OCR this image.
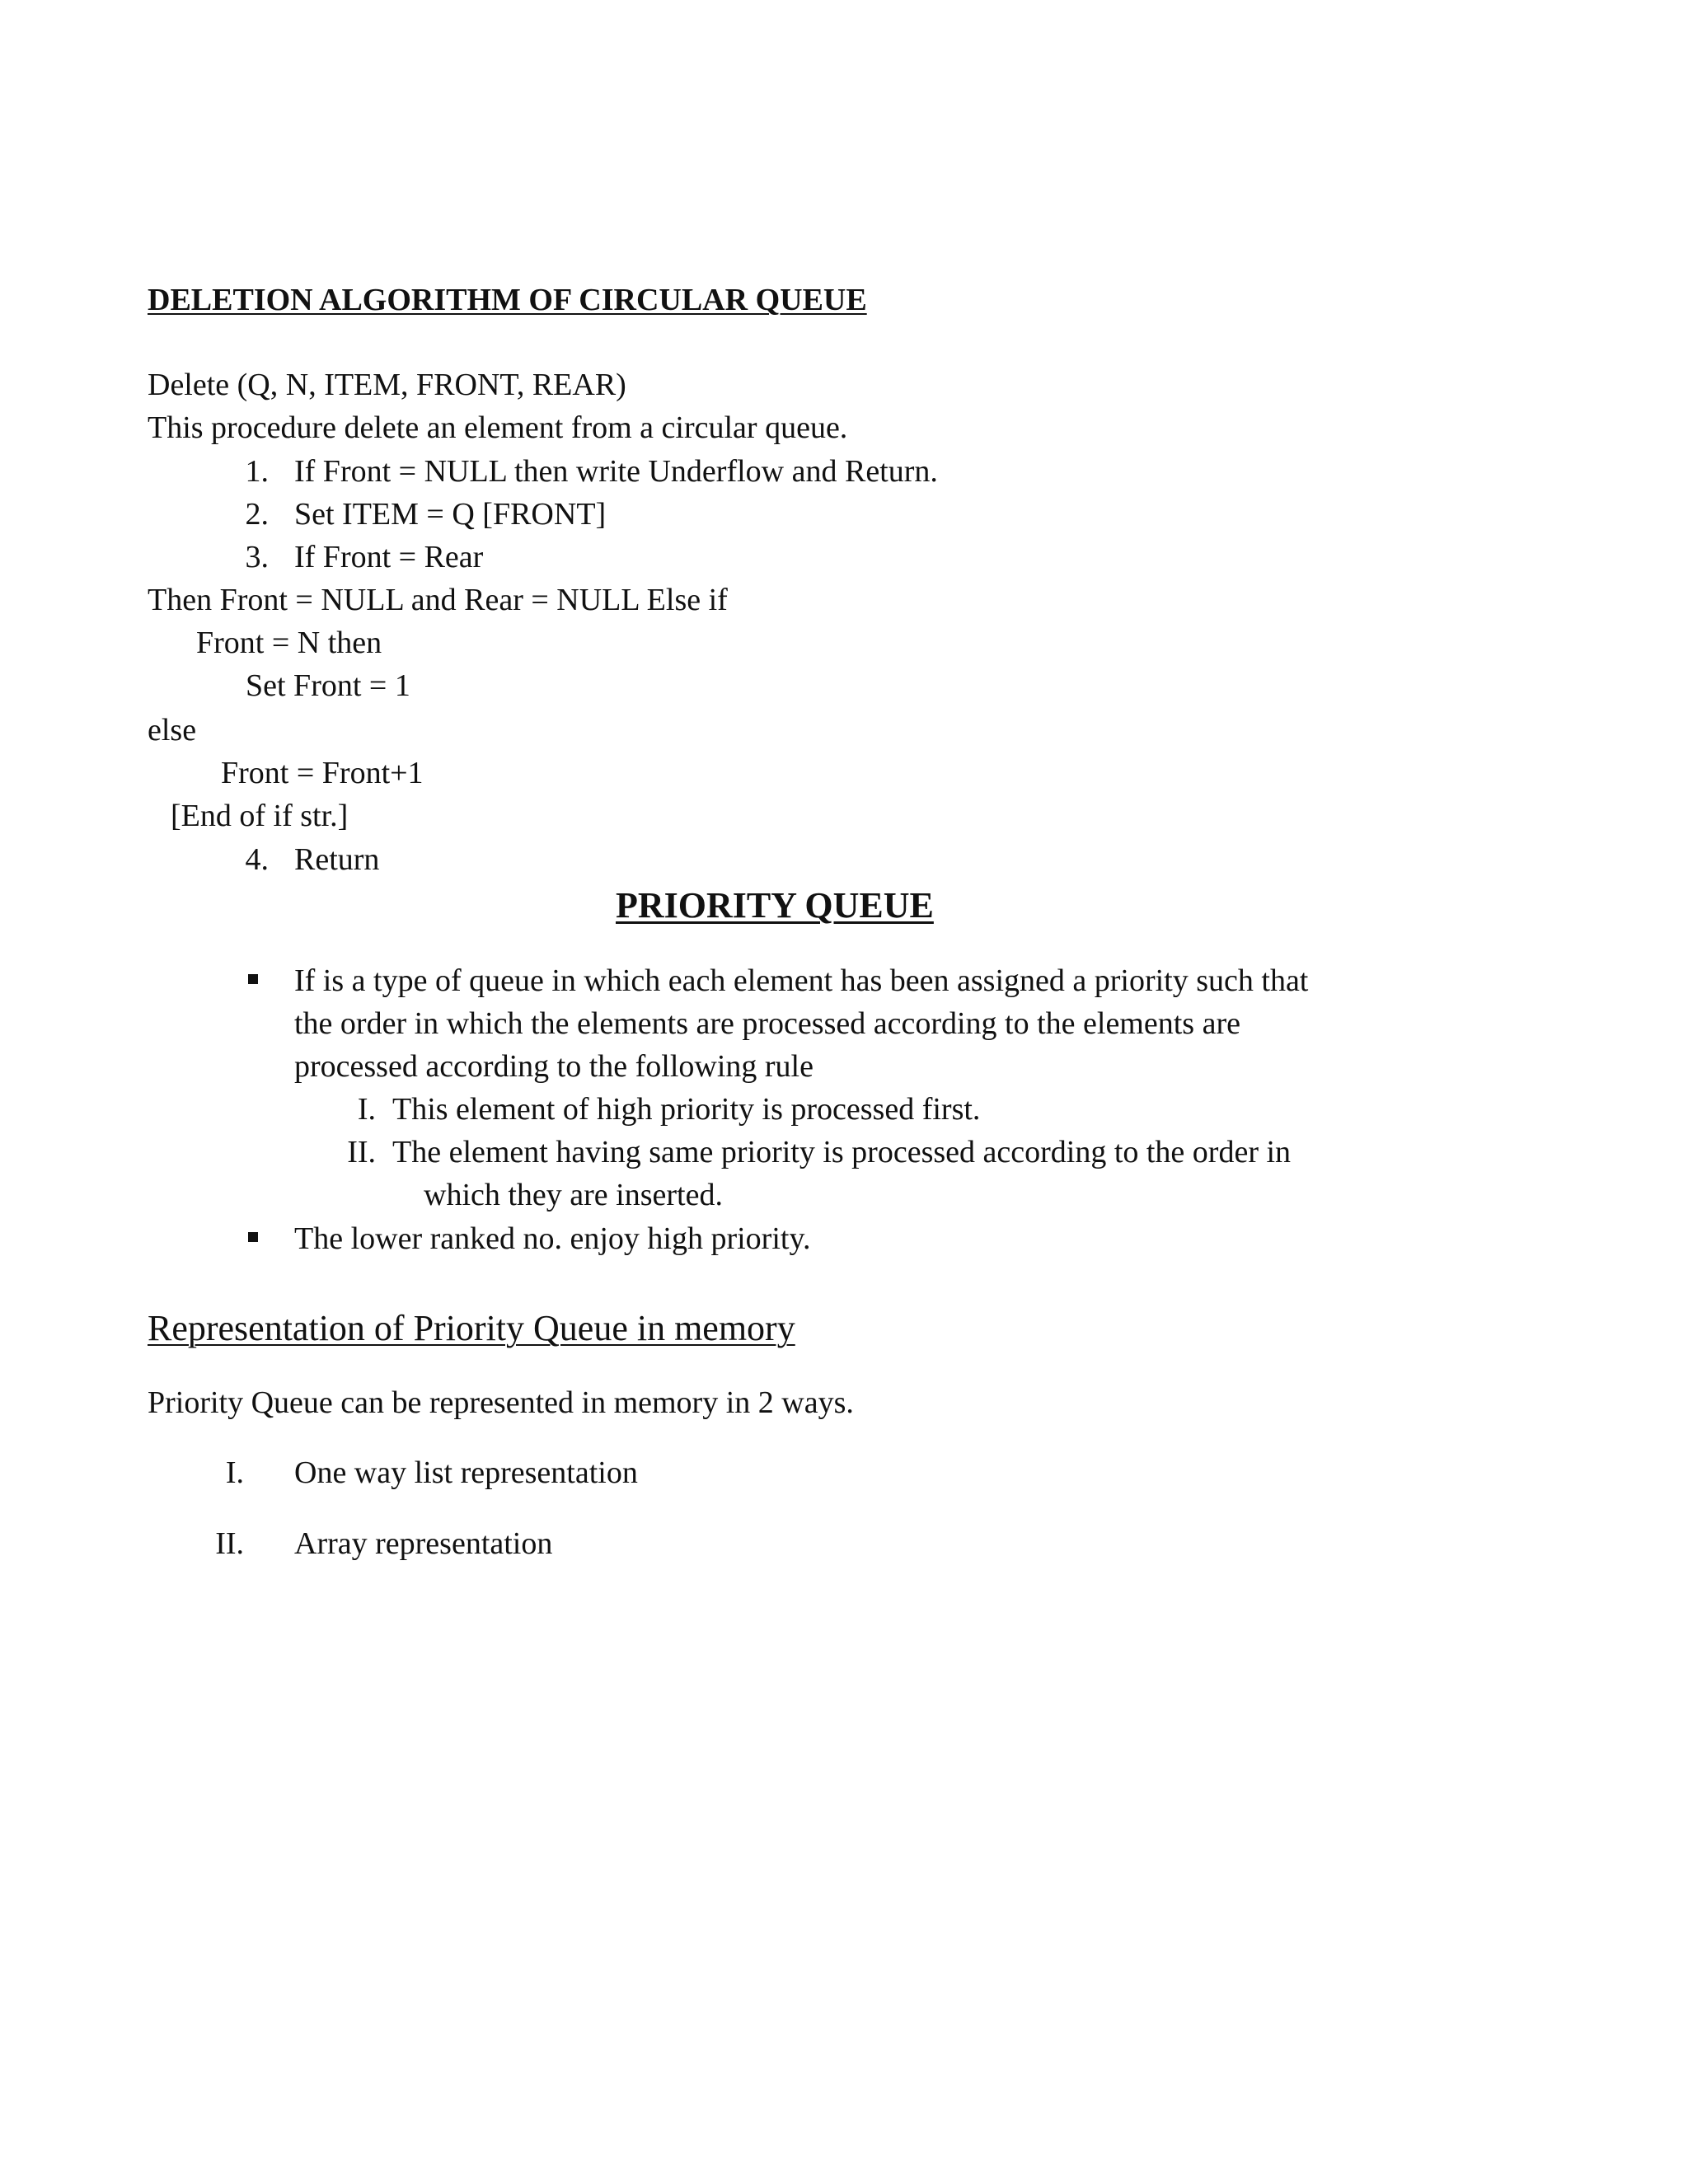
DELETION ALGORITHM OF CIRCULAR QUEUE
Delete (Q, N, ITEM, FRONT, REAR)
This procedure delete an element from a circular queue.
1. If Front = NULL then write Underflow and Return.
2. Set ITEM = Q [FRONT]
3. If Front = Rear
Then Front = NULL and Rear = NULL Else if
Front = N then
Set Front = 1
else
Front = Front+1
[End of if str.]
4. Return
PRIORITY QUEUE
If is a type of queue in which each element has been assigned a priority such that
the order in which the elements are processed according to the elements are
processed according to the following rule
I. This element of high priority is processed first.
II. The element having same priority is processed according to the order in
which they are inserted.
The lower ranked no. enjoy high priority.
Representation of Priority Queue in memory
Priority Queue can be represented in memory in 2 ways.
I. One way list representation
II. Array representation
